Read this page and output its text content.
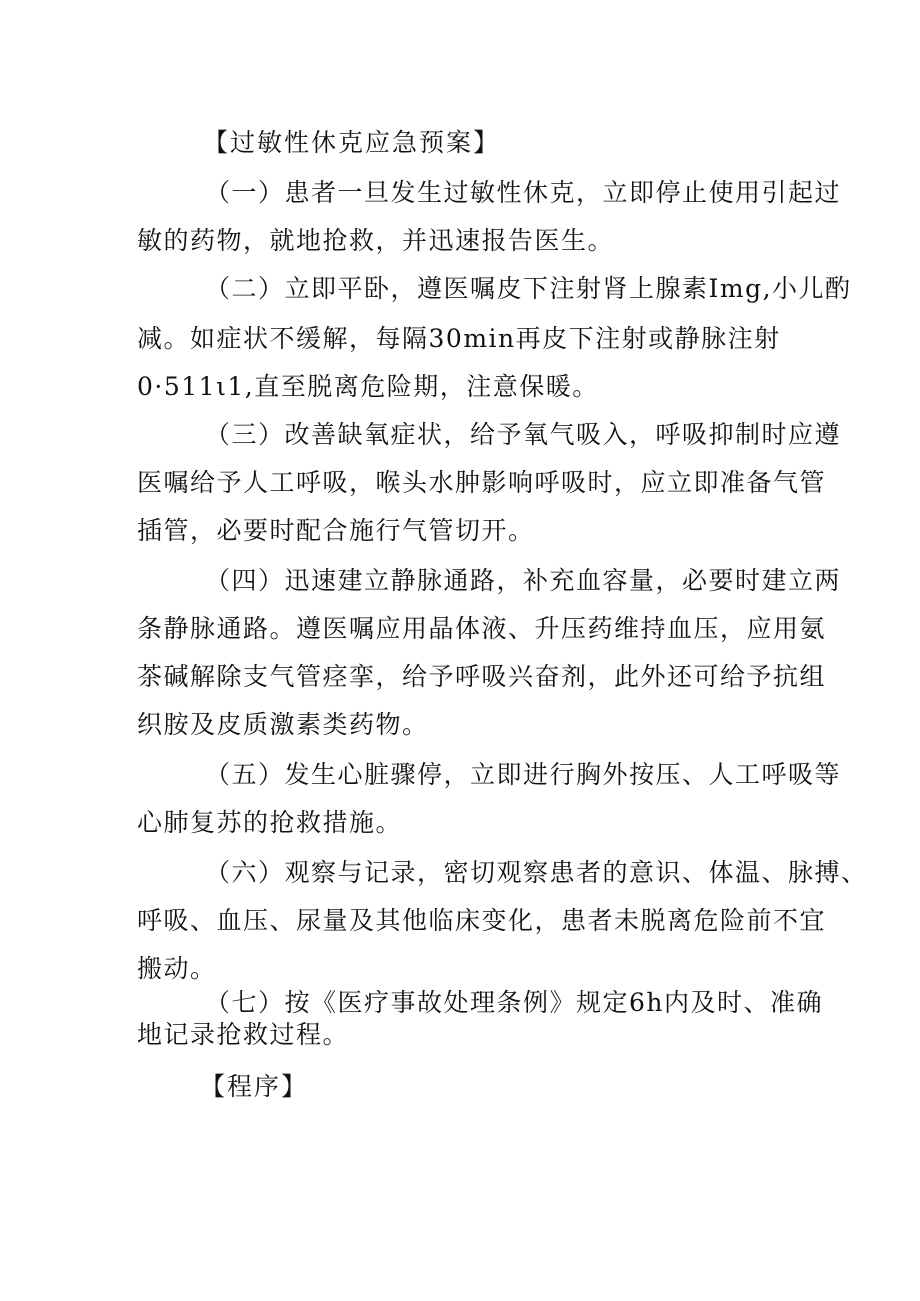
【过敏性休克应急预案】
（一）患者一旦发生过敏性休克，立即停止使用引起过
敏的药物，就地抢救，并迅速报告医生。
（二）立即平卧，遵医嘱皮下注射肾上腺素Img,小儿酌
减。如症状不缓解，每隔30min再皮下注射或静脉注射
0·511ι1,直至脱离危险期，注意保暖。
（三）改善缺氧症状，给予氧气吸入，呼吸抑制时应遵
医嘱给予人工呼吸，喉头水肿影响呼吸时，应立即准备气管
插管，必要时配合施行气管切开。
（四）迅速建立静脉通路，补充血容量，必要时建立两
条静脉通路。遵医嘱应用晶体液、升压药维持血压，应用氨
茶碱解除支气管痉挛，给予呼吸兴奋剂，此外还可给予抗组
织胺及皮质激素类药物。
（五）发生心脏骤停，立即进行胸外按压、人工呼吸等
心肺复苏的抢救措施。
（六）观察与记录，密切观察患者的意识、体温、脉搏、
呼吸、血压、尿量及其他临床变化，患者未脱离危险前不宜
搬动。
（七）按《医疗事故处理条例》规定6h内及时、准确
地记录抢救过程。
【程序】
